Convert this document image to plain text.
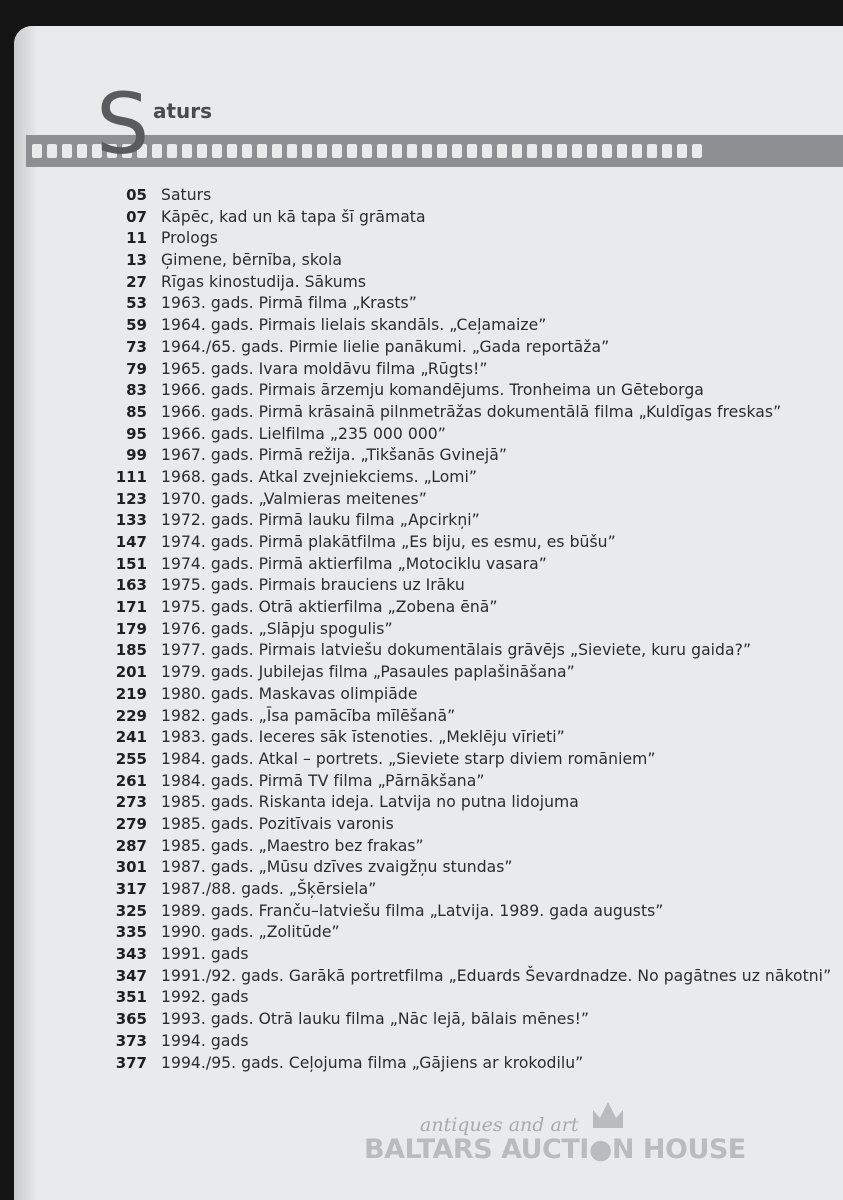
S aturs
05 Saturs
07 Kāpēc, kad un kā tapa šī grāmata
11 Prologs
13 Ģimene, bērnība, skola
27 Rīgas kinostudija. Sākums
53 1963. gads. Pirmā filma „Krasts”
59 1964. gads. Pirmais lielais skandāls. „Ceļamaize”
73 1964./65. gads. Pirmie lielie panākumi. „Gada reportāža”
79 1965. gads. Ivara moldāvu filma „Rūgts!”
83 1966. gads. Pirmais ārzemju komandējums. Tronheima un Gēteborga
85 1966. gads. Pirmā krāsainā pilnmetrāžas dokumentālā filma „Kuldīgas freskas”
95 1966. gads. Lielfilma „235 000 000”
99 1967. gads. Pirmā režija. „Tikšanās Gvinejā”
111 1968. gads. Atkal zvejniekciems. „Lomi”
123 1970. gads. „Valmieras meitenes”
133 1972. gads. Pirmā lauku filma „Apcirkņi”
147 1974. gads. Pirmā plakātfilma „Es biju, es esmu, es būšu”
151 1974. gads. Pirmā aktierfilma „Motociklu vasara”
163 1975. gads. Pirmais brauciens uz Irāku
171 1975. gads. Otrā aktierfilma „Zobena ēnā”
179 1976. gads. „Slāpju spogulis”
185 1977. gads. Pirmais latviešu dokumentālais grāvējs „Sieviete, kuru gaida?”
201 1979. gads. Jubilejas filma „Pasaules paplašināšana”
219 1980. gads. Maskavas olimpiāde
229 1982. gads. „Īsa pamācība mīlēšanā”
241 1983. gads. Ieceres sāk īstenoties. „Meklēju vīrieti”
255 1984. gads. Atkal – portrets. „Sieviete starp diviem romāniem”
261 1984. gads. Pirmā TV filma „Pārnākšana”
273 1985. gads. Riskanta ideja. Latvija no putna lidojuma
279 1985. gads. Pozitīvais varonis
287 1985. gads. „Maestro bez frakas”
301 1987. gads. „Mūsu dzīves zvaigžņu stundas”
317 1987./88. gads. „Šķērsiela”
325 1989. gads. Franču–latviešu filma „Latvija. 1989. gada augusts”
335 1990. gads. „Zolitūde”
343 1991. gads
347 1991./92. gads. Garākā portretfilma „Eduards Ševardnadze. No pagātnes uz nākotni”
351 1992. gads
365 1993. gads. Otrā lauku filma „Nāc lejā, bālais mēnes!”
373 1994. gads
377 1994./95. gads. Ceļojuma filma „Gājiens ar krokodilu”
antiques and art
BALTARS AUCTI●N HOUSE
